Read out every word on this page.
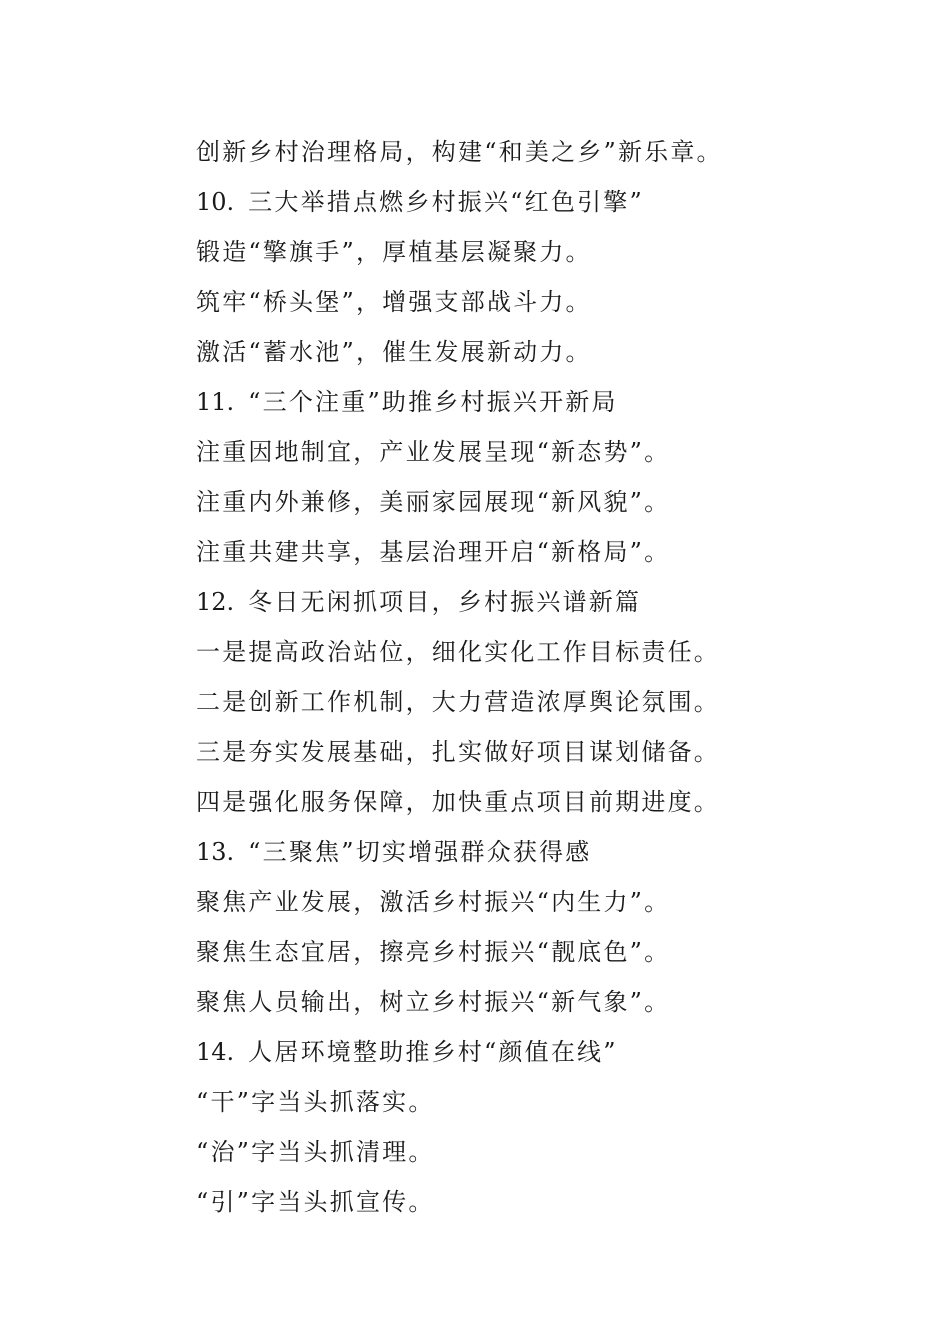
创新乡村治理格局，构建“和美之乡”新乐章。
10. 三大举措点燃乡村振兴“红色引擎”
锻造“擎旗手”，厚植基层凝聚力。
筑牢“桥头堡”，增强支部战斗力。
激活“蓄水池”，催生发展新动力。
11. “三个注重”助推乡村振兴开新局
注重因地制宜，产业发展呈现“新态势”。
注重内外兼修，美丽家园展现“新风貌”。
注重共建共享，基层治理开启“新格局”。
12. 冬日无闲抓项目，乡村振兴谱新篇
一是提高政治站位，细化实化工作目标责任。
二是创新工作机制，大力营造浓厚舆论氛围。
三是夯实发展基础，扎实做好项目谋划储备。
四是强化服务保障，加快重点项目前期进度。
13. “三聚焦”切实增强群众获得感
聚焦产业发展，激活乡村振兴“内生力”。
聚焦生态宜居，擦亮乡村振兴“靓底色”。
聚焦人员输出，树立乡村振兴“新气象”。
14. 人居环境整助推乡村“颜值在线”
“干”字当头抓落实。
“治”字当头抓清理。
“引”字当头抓宣传。
